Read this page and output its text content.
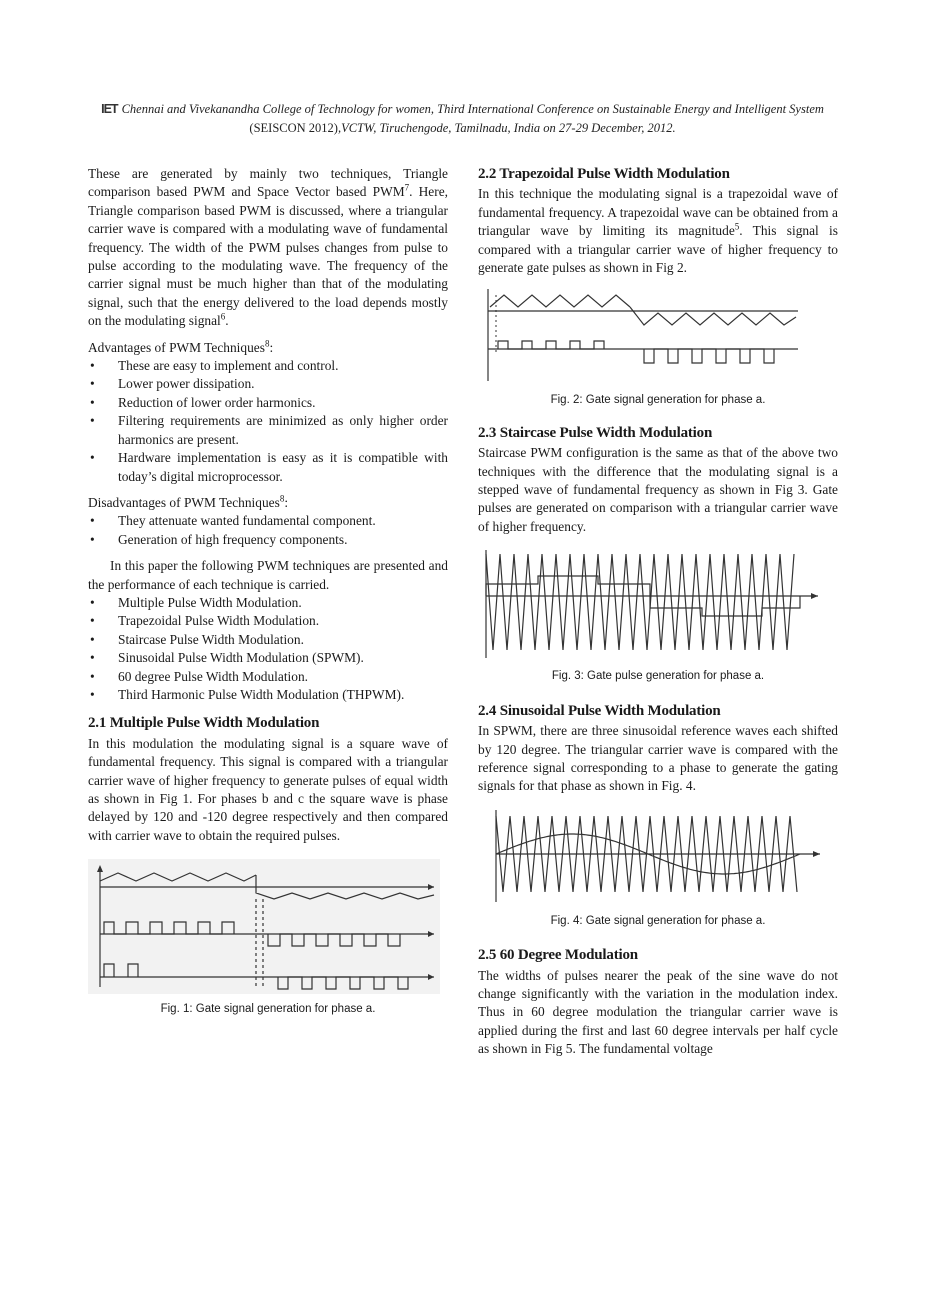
IET Chennai and Vivekanandha College of Technology for women, Third International Conference on Sustainable Energy and Intelligent System
(SEISCON 2012),VCTW, Tiruchengode, Tamilnadu, India on 27-29 December, 2012.

These are generated by mainly two techniques, Triangle comparison based PWM and Space Vector based PWM$^7$. Here, Triangle comparison based PWM is discussed, where a triangular carrier wave is compared with a modulating wave of fundamental frequency. The width of the PWM pulses changes from pulse to pulse according to the modulating wave. The frequency of the carrier signal must be much higher than that of the modulating signal, such that the energy delivered to the load depends mostly on the modulating signal$^6$.

Advantages of PWM Techniques$^8$:

• These are easy to implement and control.
• Lower power dissipation.
• Reduction of lower order harmonics.
• Filtering requirements are minimized as only higher order harmonics are present.
• Hardware implementation is easy as it is compatible with today’s digital microprocessor.

Disadvantages of PWM Techniques$^8$:

• They attenuate wanted fundamental component.
• Generation of high frequency components.

In this paper the following PWM techniques are presented and the performance of each technique is carried.

• Multiple Pulse Width Modulation.
• Trapezoidal Pulse Width Modulation.
• Staircase Pulse Width Modulation.
• Sinusoidal Pulse Width Modulation (SPWM).
• 60 degree Pulse Width Modulation.
• Third Harmonic Pulse Width Modulation (THPWM).
2.1 Multiple Pulse Width Modulation

In this modulation the modulating signal is a square wave of fundamental frequency. This signal is compared with a triangular carrier wave of higher frequency to generate pulses of equal width as shown in Fig 1. For phases b and c the square wave is phase delayed by 120 and -120 degree respectively and then compared with carrier wave to obtain the required pulses.

Fig. 1: Gate signal generation for phase a.
2.2 Trapezoidal Pulse Width Modulation

In this technique the modulating signal is a trapezoidal wave of fundamental frequency. A trapezoidal wave can be obtained from a triangular wave by limiting its magnitude$^5$. This signal is compared with a triangular carrier wave of higher frequency to generate gate pulses as shown in Fig 2.

Fig. 2: Gate signal generation for phase a.
2.3 Staircase Pulse Width Modulation

Staircase PWM configuration is the same as that of the above two techniques with the difference that the modulating signal is a stepped wave of fundamental frequency as shown in Fig 3. Gate pulses are generated on comparison with a triangular carrier wave of higher frequency.

Fig. 3: Gate pulse generation for phase a.
2.4 Sinusoidal Pulse Width Modulation

In SPWM, there are three sinusoidal reference waves each shifted by 120 degree. The triangular carrier wave is compared with the reference signal corresponding to a phase to generate the gating signals for that phase as shown in Fig. 4.

Fig. 4: Gate signal generation for phase a.
2.5 60 Degree Modulation

The widths of pulses nearer the peak of the sine wave do not change significantly with the variation in the modulation index. Thus in 60 degree modulation the triangular carrier wave is applied during the first and last 60 degree intervals per half cycle as shown in Fig 5. The fundamental voltage
